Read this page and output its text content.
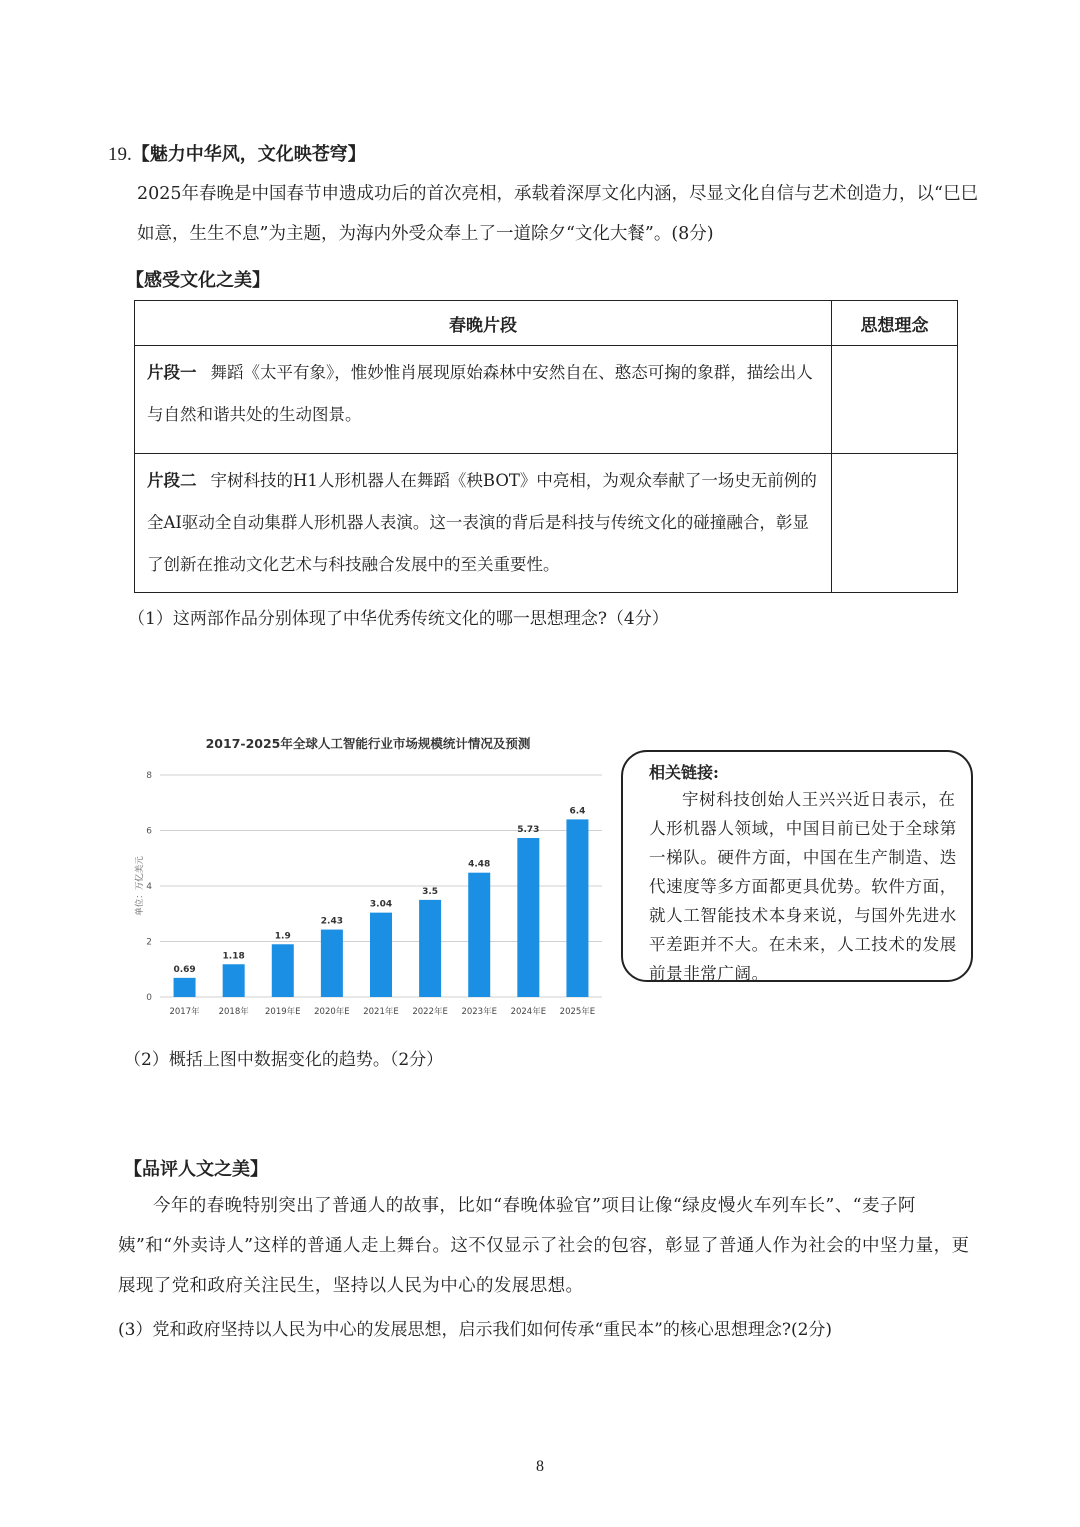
19.【魅力中华风，文化映苍穹】
2025年春晚是中国春节申遗成功后的首次亮相，承载着深厚文化内涵，尽显文化自信与艺术创造力，以“巳巳如意，生生不息”为主题，为海内外受众奉上了一道除夕“文化大餐”。(8分)
【感受文化之美】
春晚片段	思想理念
片段一 舞蹈《太平有象》，惟妙惟肖展现原始森林中安然自在、憨态可掬的象群，描绘出人与自然和谐共处的生动图景。	
片段二 宇树科技的H1人形机器人在舞蹈《秧BOT》中亮相，为观众奉献了一场史无前例的全AI驱动全自动集群人形机器人表演。这一表演的背后是科技与传统文化的碰撞融合，彰显了创新在推动文化艺术与科技融合发展中的至关重要性。	
（1）这两部作品分别体现了中华优秀传统文化的哪一思想理念?（4分）
2017-2025年全球人工智能行业市场规模统计情况及预测
0
2
4
6
8
单位：万亿美元
0.69
2017年
1.18
2018年
1.9
2019年E
2.43
2020年E
3.04
2021年E
3.5
2022年E
4.48
2023年E
5.73
2024年E
6.4
2025年E
相关链接:
宇树科技创始人王兴兴近日表示，在人形机器人领域，中国目前已处于全球第一梯队。硬件方面，中国在生产制造、迭代速度等多方面都更具优势。软件方面，就人工智能技术本身来说，与国外先进水平差距并不大。在未来，人工技术的发展前景非常广阔。
（2）概括上图中数据变化的趋势。（2分）
【品评人文之美】
今年的春晚特别突出了普通人的故事，比如“春晚体验官”项目让像“绿皮慢火车列车长”、“麦子阿姨”和“外卖诗人”这样的普通人走上舞台。这不仅显示了社会的包容，彰显了普通人作为社会的中坚力量，更展现了党和政府关注民生，坚持以人民为中心的发展思想。
(3）党和政府坚持以人民为中心的发展思想，启示我们如何传承“重民本”的核心思想理念?(2分)
8
